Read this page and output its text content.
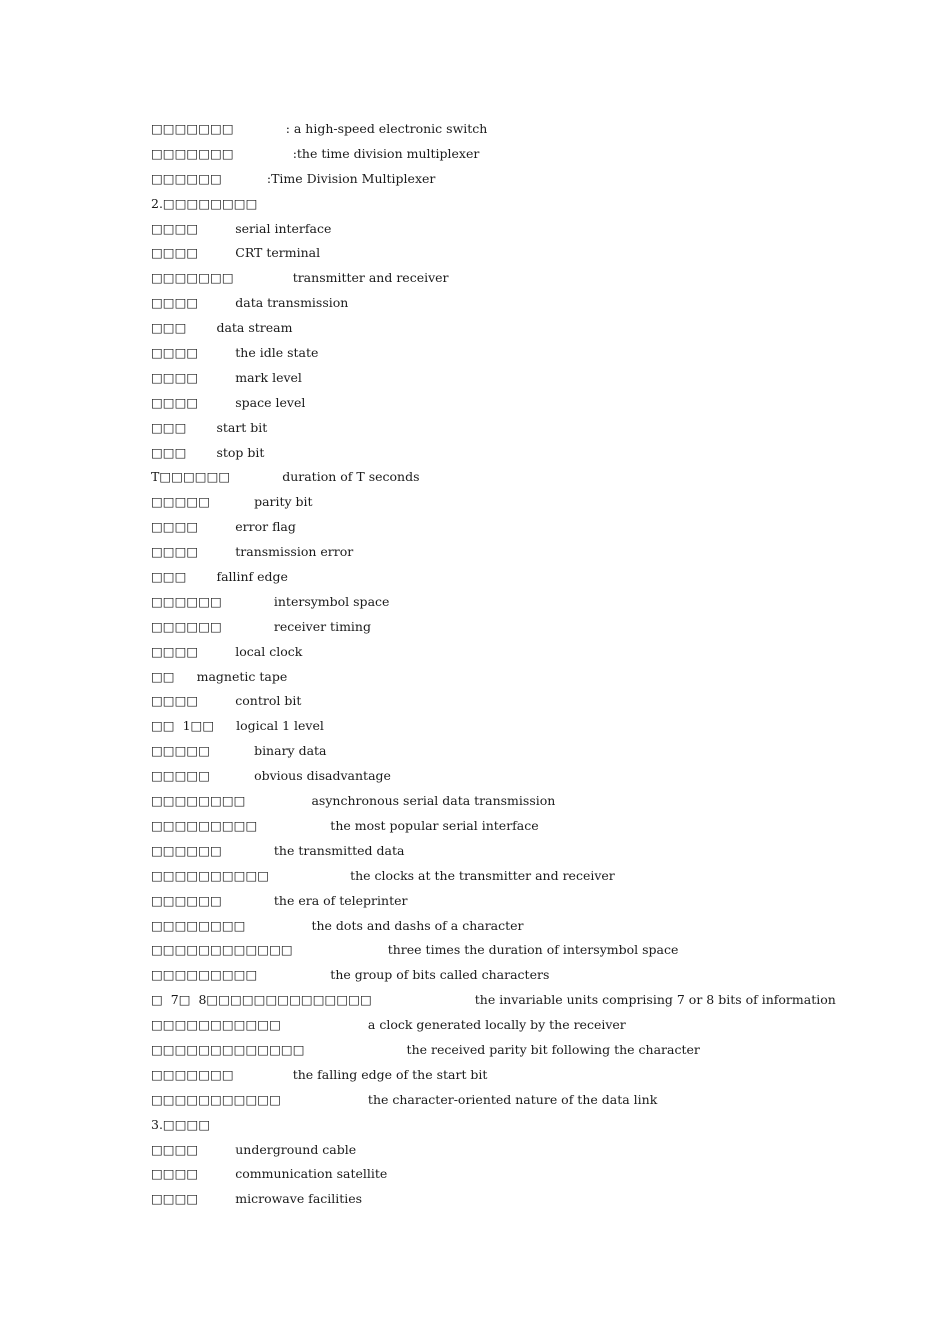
□□□□□□□	: a high-speed electronic switch
□□□□□□□	:the time division multiplexer
□□□□□□	:Time Division Multiplexer
2.□□□□□□□□
□□□□	serial interface
□□□□	CRT terminal
□□□□□□□	transmitter and receiver
□□□□	data transmission
□□□ data stream
□□□□	the idle state
□□□□	mark level
□□□□	space level
□□□ start bit
□□□ stop bit
T□□□□□□	duration of T seconds
□□□□□	parity bit
□□□□	error flag
□□□□	transmission error
□□□ fallinf edge
□□□□□□	intersymbol space
□□□□□□	receiver timing
□□□□	local clock
□□ magnetic tape
□□□□	control bit
□□  1□□ logical 1 level
□□□□□	binary data
□□□□□	obvious disadvantage
□□□□□□□□	asynchronous serial data transmission
□□□□□□□□□	the most popular serial interface
□□□□□□	the transmitted data
□□□□□□□□□□	the clocks at the transmitter and receiver
□□□□□□	the era of teleprinter
□□□□□□□□	the dots and dashs of a character
□□□□□□□□□□□□	three times the duration of intersymbol space
□□□□□□□□□	the group of bits called characters
□  7□  8□□□□□□□□□□□□□□	the invariable units comprising 7 or 8 bits of information
□□□□□□□□□□□	a clock generated locally by the receiver
□□□□□□□□□□□□□	the received parity bit following the character
□□□□□□□	the falling edge of the start bit
□□□□□□□□□□□	the character-oriented nature of the data link
3.□□□□
□□□□	underground cable
□□□□	communication satellite
□□□□	microwave facilities
